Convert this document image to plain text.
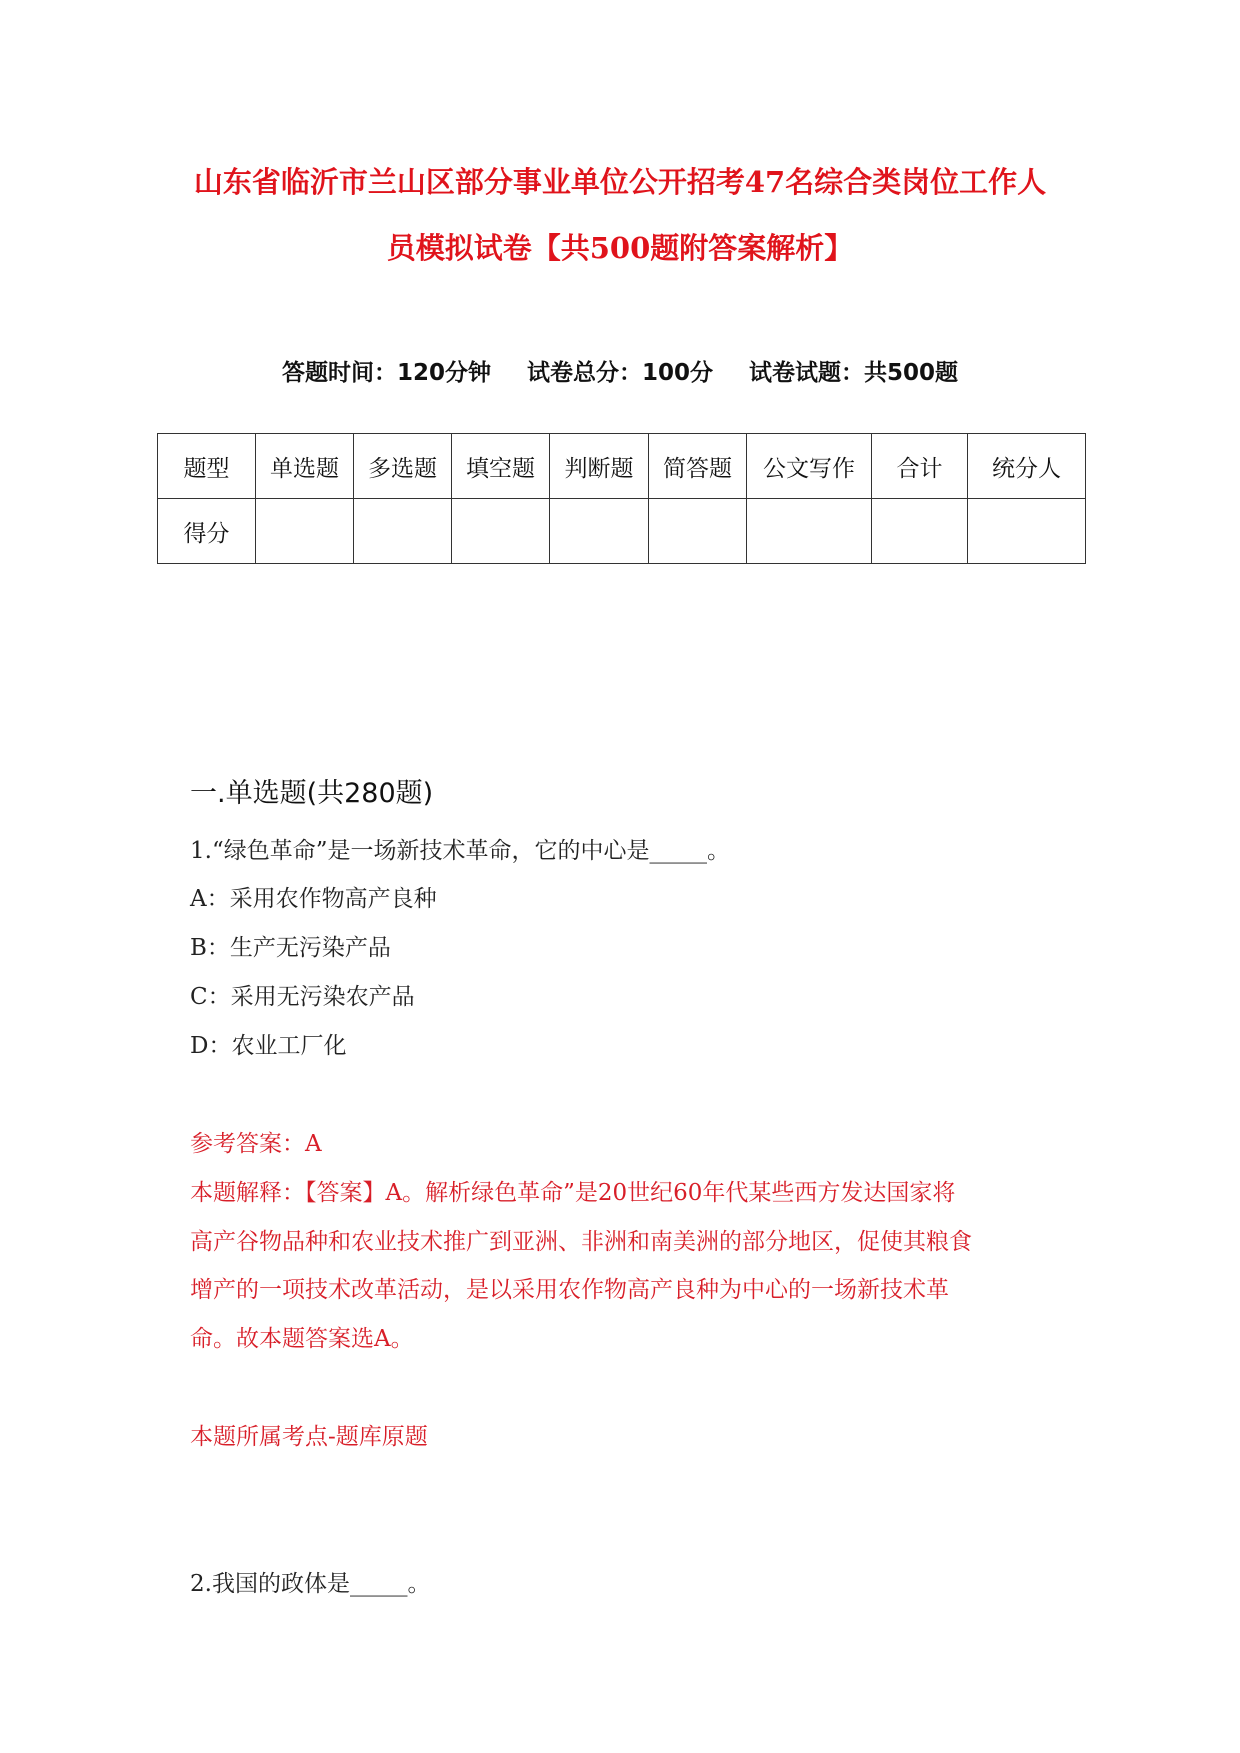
山东省临沂市兰山区部分事业单位公开招考47名综合类岗位工作人
员模拟试卷【共500题附答案解析】
答题时间：120分钟 试卷总分：100分 试卷试题：共500题
题型	单选题	多选题	填空题	判断题	简答题	公文写作	合计	统分人
得分								
一.单选题(共280题)
1.“绿色革命”是一场新技术革命，它的中心是_____。
A：采用农作物高产良种
B：生产无污染产品
C：采用无污染农产品
D：农业工厂化
参考答案：A
本题解释：【答案】A。解析绿色革命”是20世纪60年代某些西方发达国家将
高产谷物品种和农业技术推广到亚洲、非洲和南美洲的部分地区，促使其粮食
增产的一项技术改革活动，是以采用农作物高产良种为中心的一场新技术革
命。故本题答案选A。
本题所属考点-题库原题
2.我国的政体是_____。
